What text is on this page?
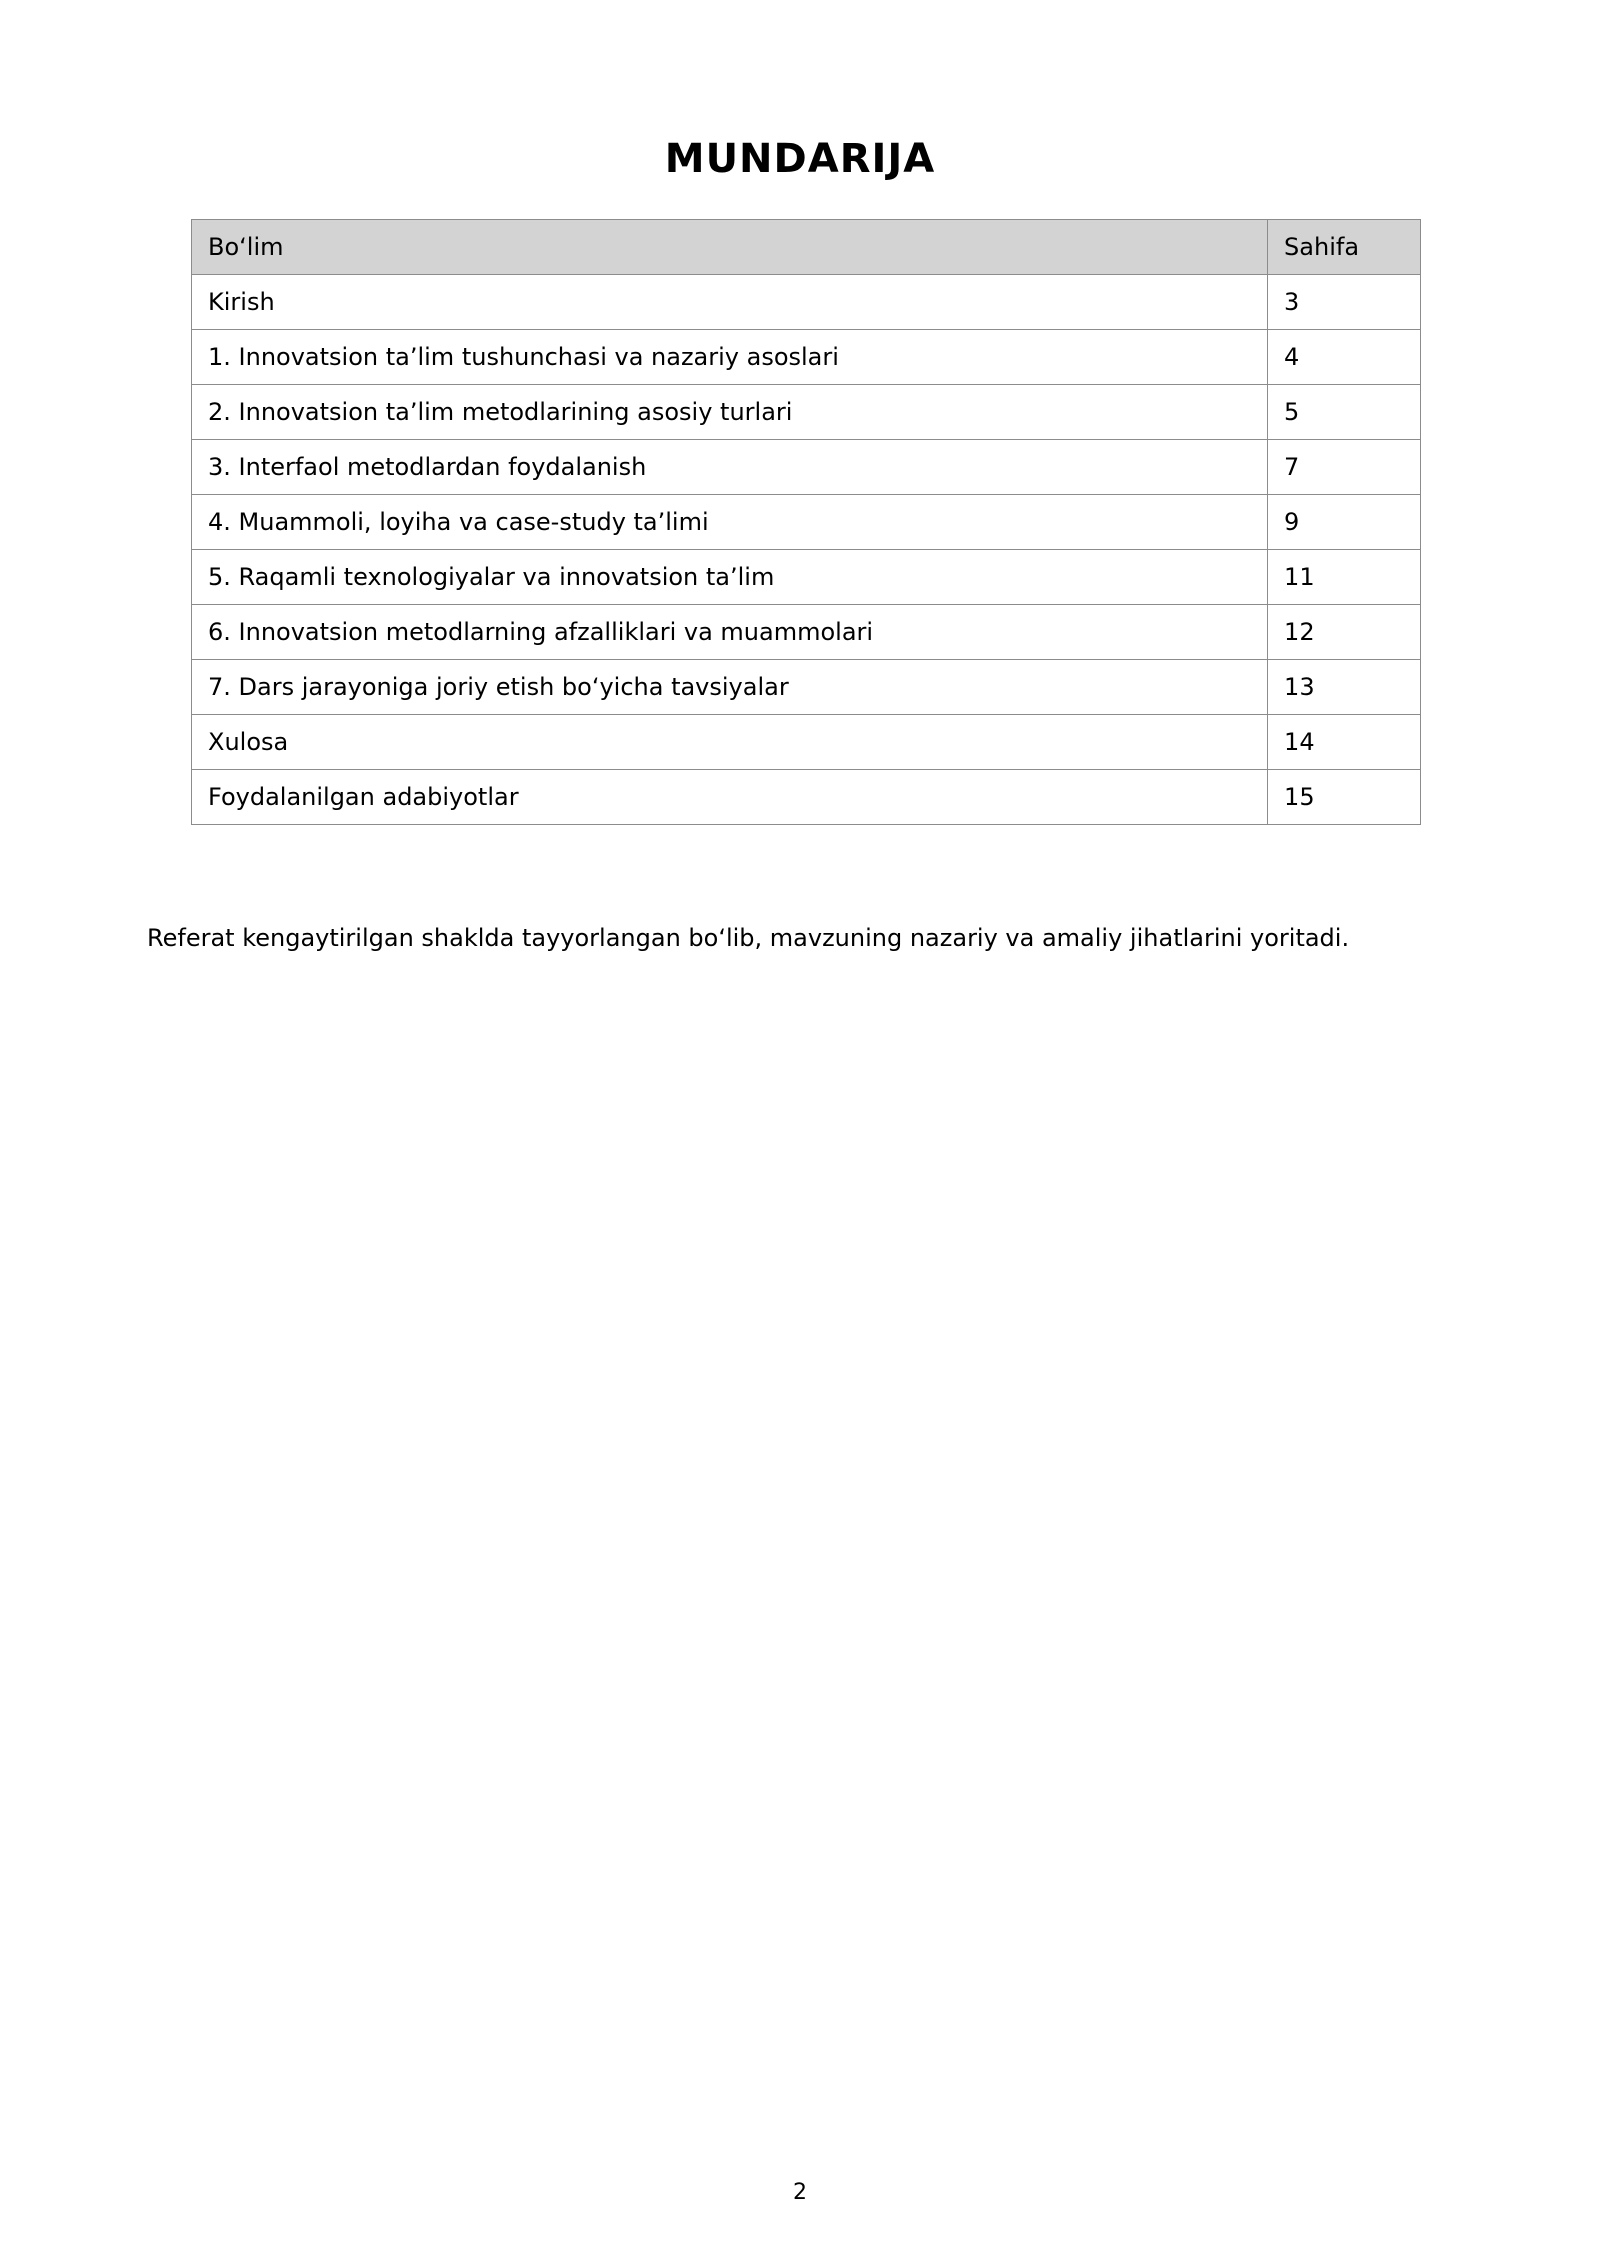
MUNDARIJA
Bo‘lim	Sahifa
Kirish	3
1. Innovatsion ta’lim tushunchasi va nazariy asoslari	4
2. Innovatsion ta’lim metodlarining asosiy turlari	5
3. Interfaol metodlardan foydalanish	7
4. Muammoli, loyiha va case-study ta’limi	9
5. Raqamli texnologiyalar va innovatsion ta’lim	11
6. Innovatsion metodlarning afzalliklari va muammolari	12
7. Dars jarayoniga joriy etish bo‘yicha tavsiyalar	13
Xulosa	14
Foydalanilgan adabiyotlar	15

Referat kengaytirilgan shaklda tayyorlangan bo‘lib, mavzuning nazariy va amaliy jihatlarini yoritadi.

2
